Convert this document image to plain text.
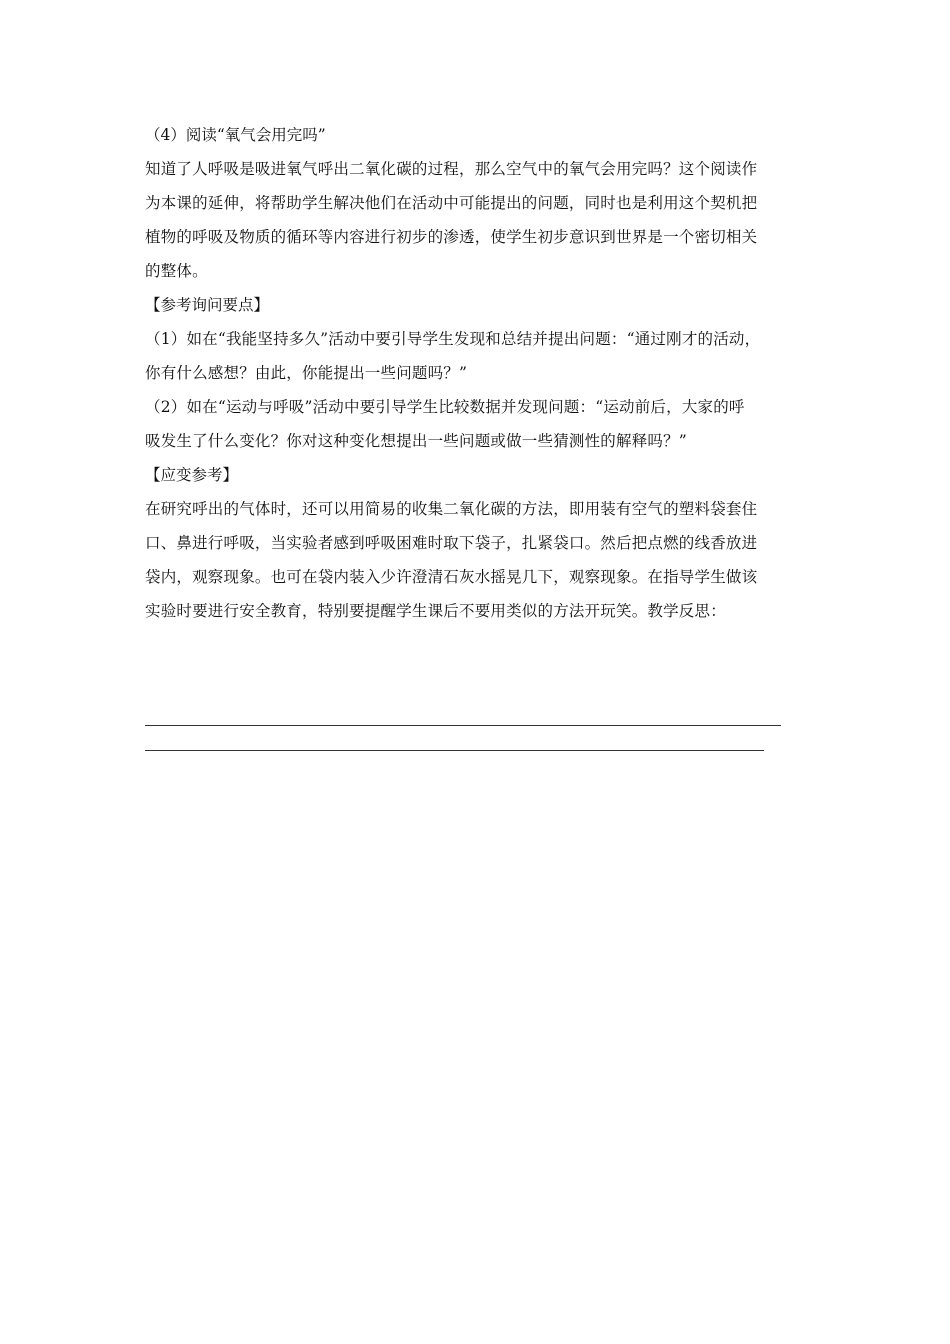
（4）阅读“氧气会用完吗”
知道了人呼吸是吸进氧气呼出二氧化碳的过程，那么空气中的氧气会用完吗？这个阅读作
为本课的延伸，将帮助学生解决他们在活动中可能提出的问题，同时也是利用这个契机把
植物的呼吸及物质的循环等内容进行初步的渗透，使学生初步意识到世界是一个密切相关
的整体。
【参考询问要点】
（1）如在“我能坚持多久”活动中要引导学生发现和总结并提出问题：“通过刚才的活动，
你有什么感想？由此，你能提出一些问题吗？”
（2）如在“运动与呼吸”活动中要引导学生比较数据并发现问题：“运动前后，大家的呼
吸发生了什么变化？你对这种变化想提出一些问题或做一些猜测性的解释吗？”
【应变参考】
在研究呼出的气体时，还可以用简易的收集二氧化碳的方法，即用装有空气的塑料袋套住
口、鼻进行呼吸，当实验者感到呼吸困难时取下袋子，扎紧袋口。然后把点燃的线香放进
袋内，观察现象。也可在袋内装入少许澄清石灰水摇晃几下，观察现象。在指导学生做该
实验时要进行安全教育，特别要提醒学生课后不要用类似的方法开玩笑。教学反思：
